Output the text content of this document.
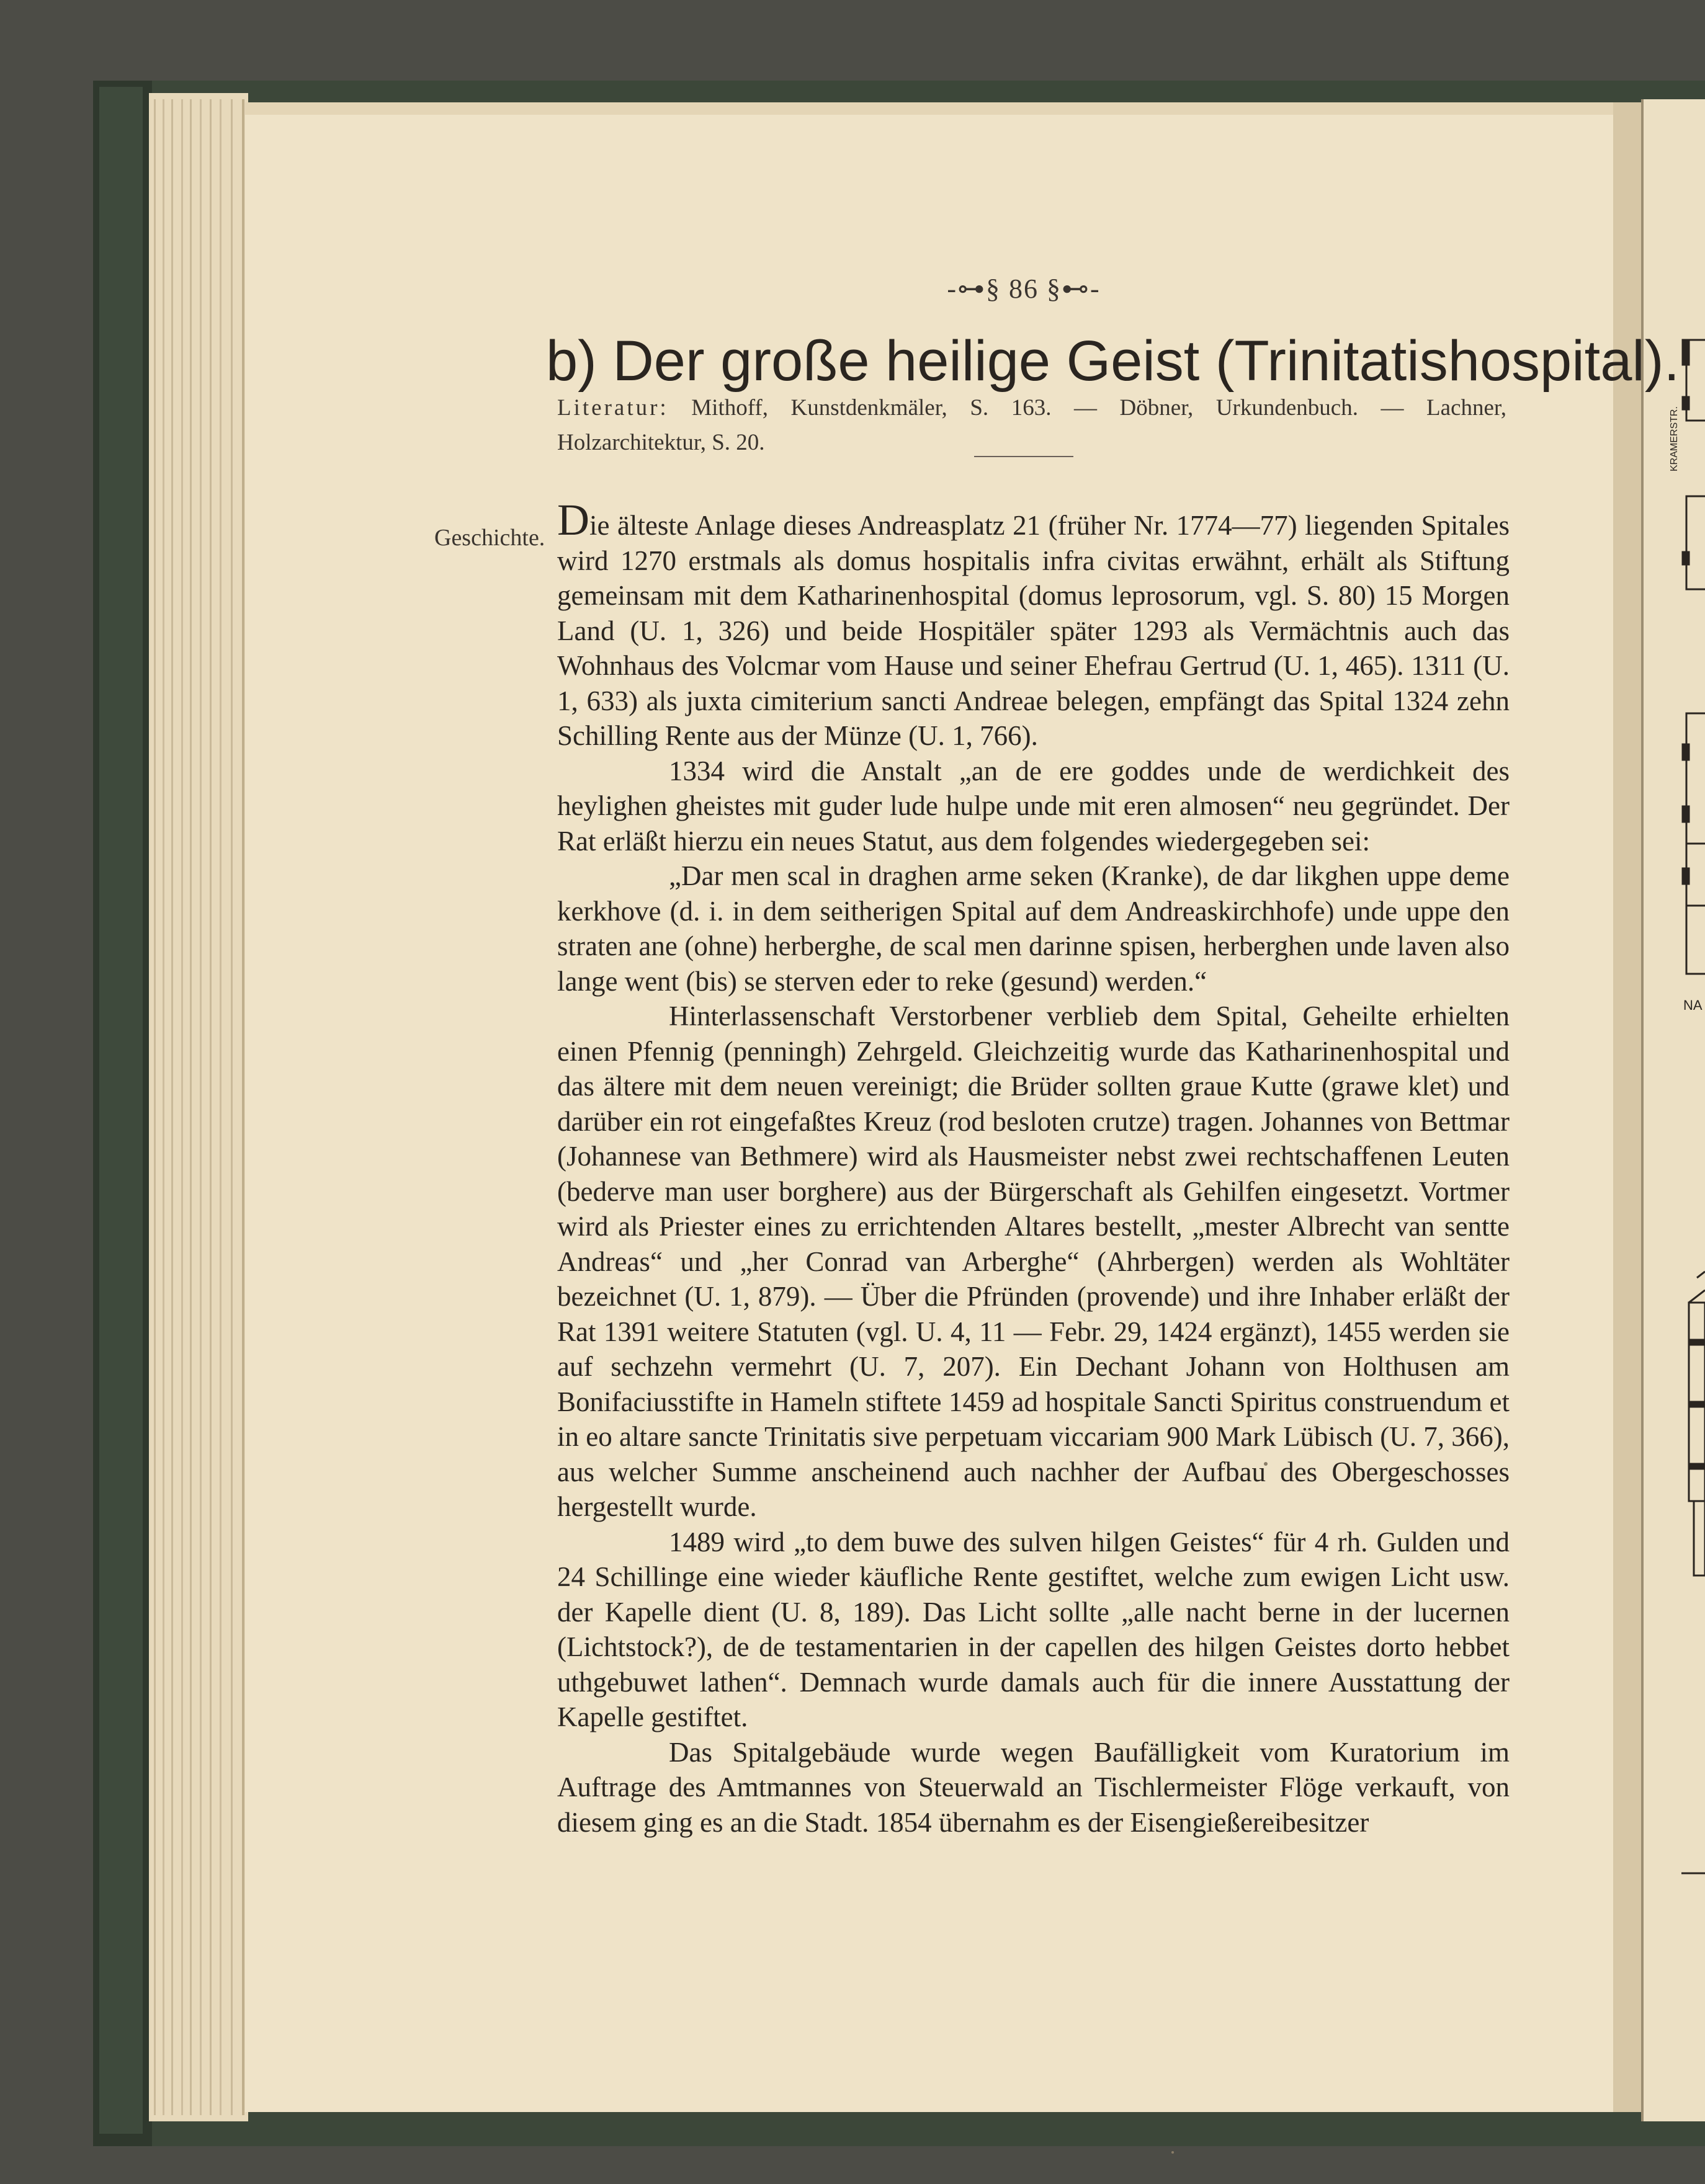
-⊶§ 86 §⊷-
b) Der große heilige Geist (Trinitatishospital).
Literatur: Mithoff, Kunstdenkmäler, S. 163. — Döbner, Urkundenbuch. — Lachner, Holzarchitektur, S. 20.
Geschichte. Die älteste Anlage dieses Andreasplatz 21 (früher Nr. 1774—77) liegenden Spitales wird 1270 erstmals als domus hospitalis infra civitas erwähnt, erhält als Stiftung gemeinsam mit dem Katharinenhospital (domus leprosorum, vgl. S. 80) 15 Morgen Land (U. 1, 326) und beide Hospitäler später 1293 als Vermächtnis auch das Wohnhaus des Volcmar vom Hause und seiner Ehefrau Gertrud (U. 1, 465). 1311 (U. 1, 633) als juxta cimiterium sancti Andreae belegen, empfängt das Spital 1324 zehn Schilling Rente aus der Münze (U. 1, 766).

1334 wird die Anstalt „an de ere goddes unde de werdichkeit des heylighen gheistes mit guder lude hulpe unde mit eren almosen“ neu gegründet. Der Rat erläßt hierzu ein neues Statut, aus dem folgendes wiedergegeben sei:

„Dar men scal in draghen arme seken (Kranke), de dar likghen uppe deme kerkhove (d. i. in dem seitherigen Spital auf dem Andreaskirchhofe) unde uppe den straten ane (ohne) herberghe, de scal men darinne spisen, herberghen unde laven also lange went (bis) se sterven eder to reke (gesund) werden.“

Hinterlassenschaft Verstorbener verblieb dem Spital, Geheilte erhielten einen Pfennig (penningh) Zehrgeld. Gleichzeitig wurde das Katharinenhospital und das ältere mit dem neuen vereinigt; die Brüder sollten graue Kutte (grawe klet) und darüber ein rot eingefaßtes Kreuz (rod besloten crutze) tragen. Johannes von Bettmar (Johannese van Bethmere) wird als Hausmeister nebst zwei rechtschaffenen Leuten (bederve man user borghere) aus der Bürgerschaft als Gehilfen eingesetzt. Vortmer wird als Priester eines zu errichtenden Altares bestellt, „mester Albrecht van sentte Andreas“ und „her Conrad van Arberghe“ (Ahrbergen) werden als Wohltäter bezeichnet (U. 1, 879). — Über die Pfründen (provende) und ihre Inhaber erläßt der Rat 1391 weitere Statuten (vgl. U. 4, 11 — Febr. 29, 1424 ergänzt), 1455 werden sie auf sechzehn vermehrt (U. 7, 207). Ein Dechant Johann von Holthusen am Bonifaciusstifte in Hameln stiftete 1459 ad hospitale Sancti Spiritus construendum et in eo altare sancte Trinitatis sive perpetuam viccariam 900 Mark Lübisch (U. 7, 366), aus welcher Summe anscheinend auch nachher der Aufbau des Obergeschosses hergestellt wurde.

1489 wird „to dem buwe des sulven hilgen Geistes“ für 4 rh. Gulden und 24 Schillinge eine wieder käufliche Rente gestiftet, welche zum ewigen Licht usw. der Kapelle dient (U. 8, 189). Das Licht sollte „alle nacht berne in der lucernen (Lichtstock?), de de testamentarien in der capellen des hilgen Geistes dorto hebbet uthgebuwet lathen“. Demnach wurde damals auch für die innere Ausstattung der Kapelle gestiftet.

Das Spitalgebäude wurde wegen Baufälligkeit vom Kuratorium im Auftrage des Amtmannes von Steuerwald an Tischlermeister Flöge verkauft, von diesem ging es an die Stadt. 1854 übernahm es der Eisengießereibesitzer

KRAMERSTR.
NA
